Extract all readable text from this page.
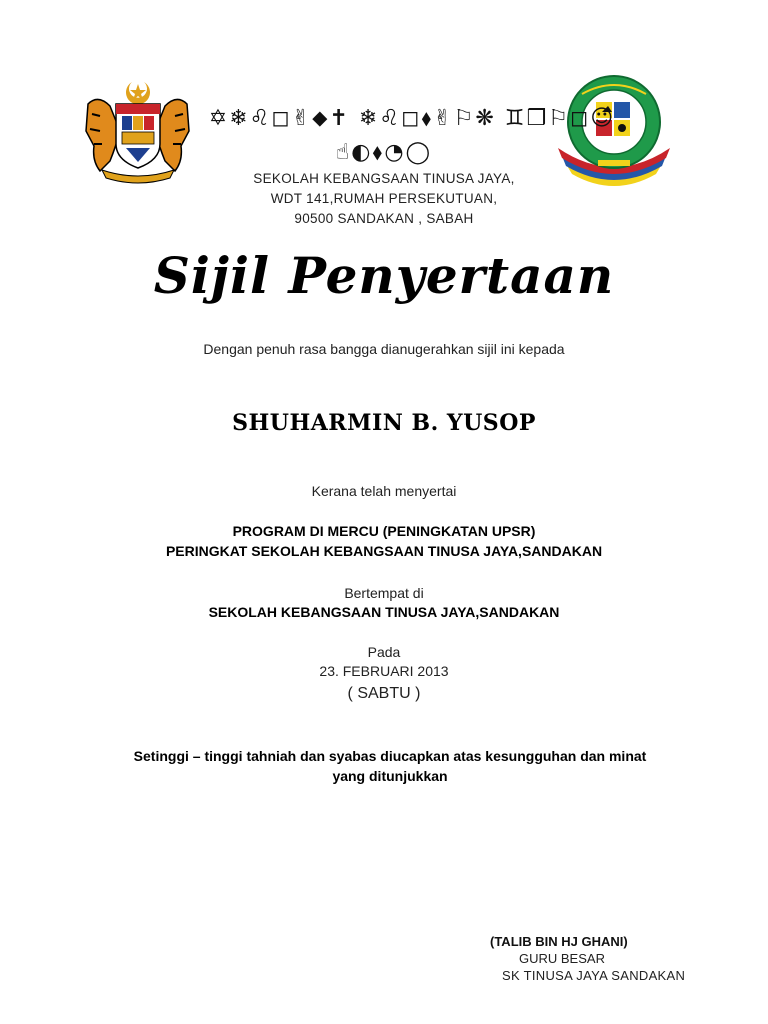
✡❄♌◻✌⬥✝ ❄♌◻⬧✌⚐❋ ♊❒⚐◻☺
☝◐⬧◔◯
SEKOLAH KEBANGSAAN TINUSA JAYA,
WDT 141,RUMAH PERSEKUTUAN,
90500 SANDAKAN , SABAH
Sijil Penyertaan
Dengan penuh rasa bangga dianugerahkan sijil ini kepada
SHUHARMIN B. YUSOP
Kerana telah menyertai
PROGRAM DI MERCU (PENINGKATAN UPSR)
PERINGKAT SEKOLAH KEBANGSAAN TINUSA JAYA,SANDAKAN
Bertempat di
SEKOLAH KEBANGSAAN TINUSA JAYA,SANDAKAN
Pada
23. FEBRUARI 2013
( SABTU )
Setinggi – tinggi tahniah dan syabas diucapkan atas kesungguhan dan minat
yang ditunjukkan
(TALIB BIN HJ GHANI)
GURU BESAR
SK TINUSA JAYA SANDAKAN
